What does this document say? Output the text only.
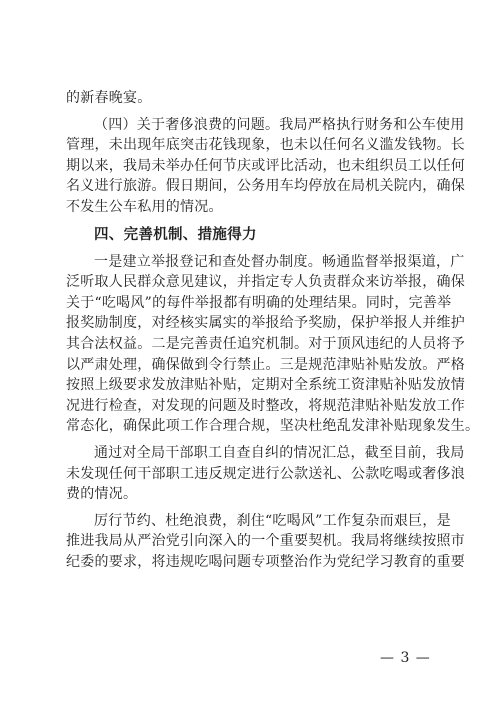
的新春晚宴。
（四）关于奢侈浪费的问题。我局严格执行财务和公车使用
管理，未出现年底突击花钱现象，也未以任何名义滥发钱物。长
期以来，我局未举办任何节庆或评比活动，也未组织员工以任何
名义进行旅游。假日期间，公务用车均停放在局机关院内，确保
不发生公车私用的情况。
四、完善机制、措施得力
一是建立举报登记和查处督办制度。畅通监督举报渠道，广
泛听取人民群众意见建议，并指定专人负责群众来访举报，确保
关于“吃喝风”的每件举报都有明确的处理结果。同时，完善举
报奖励制度，对经核实属实的举报给予奖励，保护举报人并维护
其合法权益。二是完善责任追究机制。对于顶风违纪的人员将予
以严肃处理，确保做到令行禁止。三是规范津贴补贴发放。严格
按照上级要求发放津贴补贴，定期对全系统工资津贴补贴发放情
况进行检查，对发现的问题及时整改，将规范津贴补贴发放工作
常态化，确保此项工作合理合规，坚决杜绝乱发津补贴现象发生。
通过对全局干部职工自查自纠的情况汇总，截至目前，我局
未发现任何干部职工违反规定进行公款送礼、公款吃喝或奢侈浪
费的情况。
厉行节约、杜绝浪费，刹住“吃喝风”工作复杂而艰巨，是
推进我局从严治党引向深入的一个重要契机。我局将继续按照市
纪委的要求，将违规吃喝问题专项整治作为党纪学习教育的重要
— 3 —
